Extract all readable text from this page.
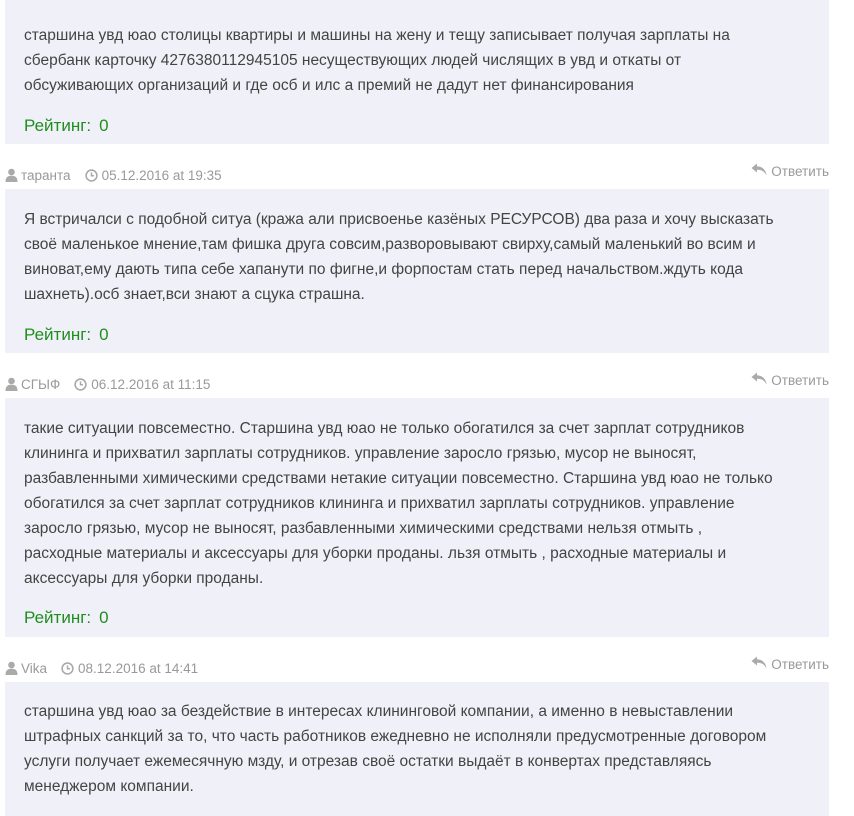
старшина увд юао столицы квартиры и машины на жену и тещу записывает получая зарплаты на
сбербанк карточку 4276380112945105 несуществующих людей числящих в увд и откаты от
обсуживающих организаций и где осб и илс а премий не дадут нет финансирования
Рейтинг: 0
таранта 05.12.2016 at 19:35	Ответить
Я встричалси с подобной ситуа (кража али присвоенье казёных РЕСУРСОВ) два раза и хочу высказать
своё маленькое мнение,там фишка друга совсим,разворовывают свирху,самый маленький во всим и
виноват,ему дають типа себе хапанути по фигне,и форпостам стать перед начальством.ждуть кода
шахнеть).осб знает,вси знают а сцука страшна.
Рейтинг: 0
СГЫФ 06.12.2016 at 11:15	Ответить
такие ситуации повсеместно. Старшина увд юао не только обогатился за счет зарплат сотрудников
клининга и прихватил зарплаты сотрудников. управление заросло грязью, мусор не выносят,
разбавленными химическими средствами нетакие ситуации повсеместно. Старшина увд юао не только
обогатился за счет зарплат сотрудников клининга и прихватил зарплаты сотрудников. управление
заросло грязью, мусор не выносят, разбавленными химическими средствами нельзя отмыть ,
расходные материалы и аксессуары для уборки проданы. льзя отмыть , расходные материалы и
аксессуары для уборки проданы.
Рейтинг: 0
Vika 08.12.2016 at 14:41	Ответить
старшина увд юао за бездействие в интересах клининговой компании, а именно в невыставлении
штрафных санкций за то, что часть работников ежедневно не исполняли предусмотренные договором
услуги получает ежемесячную мзду, и отрезав своё остатки выдаёт в конвертах представляясь
менеджером компании.
